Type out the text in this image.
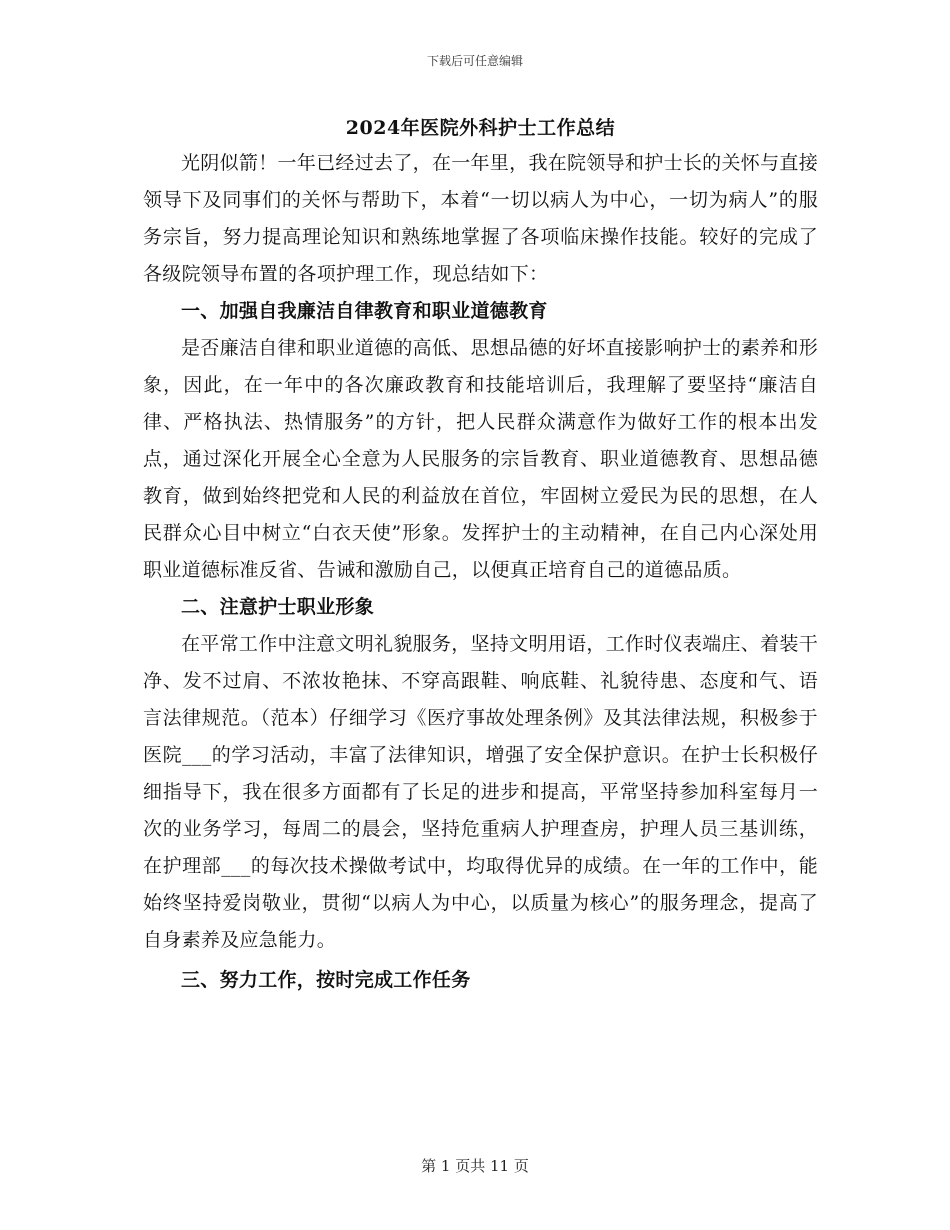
下载后可任意编辑
2024年医院外科护士工作总结

光阴似箭！一年已经过去了，在一年里，我在院领导和护士长的关怀与直接领导下及同事们的关怀与帮助下，本着“一切以病人为中心，一切为病人”的服务宗旨，努力提高理论知识和熟练地掌握了各项临床操作技能。较好的完成了各级院领导布置的各项护理工作，现总结如下：

一、加强自我廉洁自律教育和职业道德教育

是否廉洁自律和职业道德的高低、思想品德的好坏直接影响护士的素养和形象，因此，在一年中的各次廉政教育和技能培训后，我理解了要坚持“廉洁自律、严格执法、热情服务”的方针，把人民群众满意作为做好工作的根本出发点，通过深化开展全心全意为人民服务的宗旨教育、职业道德教育、思想品德教育，做到始终把党和人民的利益放在首位，牢固树立爱民为民的思想，在人民群众心目中树立“白衣天使”形象。发挥护士的主动精神，在自己内心深处用职业道德标准反省、告诫和激励自己，以便真正培育自己的道德品质。

二、注意护士职业形象

在平常工作中注意文明礼貌服务，坚持文明用语，工作时仪表端庄、着装干净、发不过肩、不浓妆艳抹、不穿高跟鞋、响底鞋、礼貌待患、态度和气、语言法律规范。（范本）仔细学习《医疗事故处理条例》及其法律法规，积极参于医院___的学习活动，丰富了法律知识，增强了安全保护意识。在护士长积极仔细指导下，我在很多方面都有了长足的进步和提高，平常坚持参加科室每月一次的业务学习，每周二的晨会，坚持危重病人护理查房，护理人员三基训练，在护理部___的每次技术操做考试中，均取得优异的成绩。在一年的工作中，能始终坚持爱岗敬业，贯彻“以病人为中心，以质量为核心”的服务理念，提高了自身素养及应急能力。

三、努力工作，按时完成工作任务
第 1 页共 11 页
